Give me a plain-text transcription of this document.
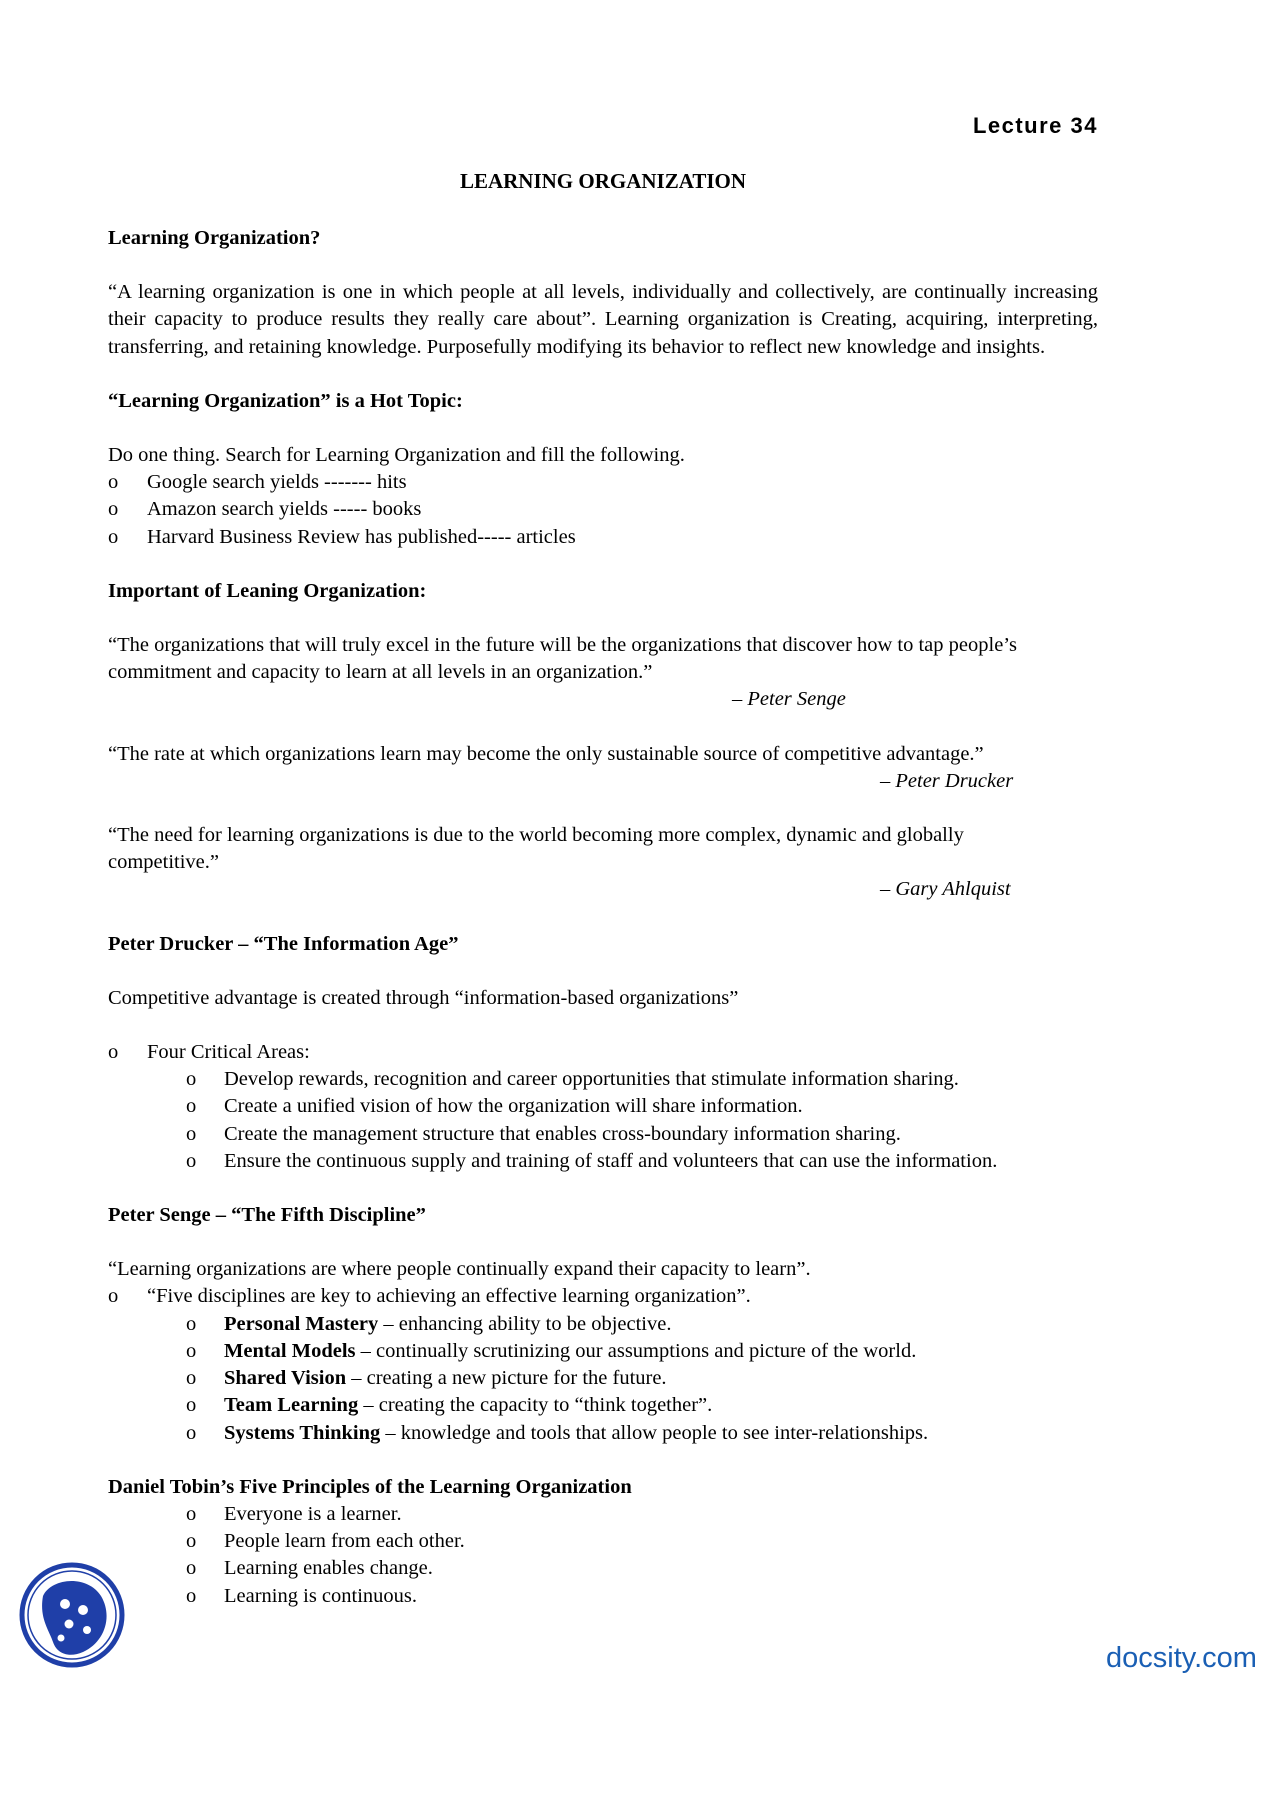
Lecture 34
LEARNING ORGANIZATION

Learning Organization?

“A learning organization is one in which people at all levels, individually and collectively, are continually increasing their capacity to produce results they really care about”. Learning organization is Creating, acquiring, interpreting, transferring, and retaining knowledge. Purposefully modifying its behavior to reflect new knowledge and insights.

“Learning Organization” is a Hot Topic:

Do one thing. Search for Learning Organization and fill the following.

o	Google search yields ------- hits
o	Amazon search yields ----- books
o	Harvard Business Review has published----- articles

Important of Leaning Organization:

“The organizations that will truly excel in the future will be the organizations that discover how to tap people’s commitment and capacity to learn at all levels in an organization.”

– Peter Senge

“The rate at which organizations learn may become the only sustainable source of competitive advantage.”

– Peter Drucker

“The need for learning organizations is due to the world becoming more complex, dynamic and globally competitive.”

– Gary Ahlquist

Peter Drucker – “The Information Age”

Competitive advantage is created through “information-based organizations”

o	Four Critical Areas:
o	Develop rewards, recognition and career opportunities that stimulate information sharing.
o	Create a unified vision of how the organization will share information.
o	Create the management structure that enables cross-boundary information sharing.
o	Ensure the continuous supply and training of staff and volunteers that can use the information.

Peter Senge – “The Fifth Discipline”

“Learning organizations are where people continually expand their capacity to learn”.

o	“Five disciplines are key to achieving an effective learning organization”.
o	Personal Mastery – enhancing ability to be objective.
o	Mental Models – continually scrutinizing our assumptions and picture of the world.
o	Shared Vision – creating a new picture for the future.
o	Team Learning – creating the capacity to “think together”.
o	Systems Thinking – knowledge and tools that allow people to see inter-relationships.

Daniel Tobin’s Five Principles of the Learning Organization

o	Everyone is a learner.
o	People learn from each other.
o	Learning enables change.
o	Learning is continuous.
docsity.com
